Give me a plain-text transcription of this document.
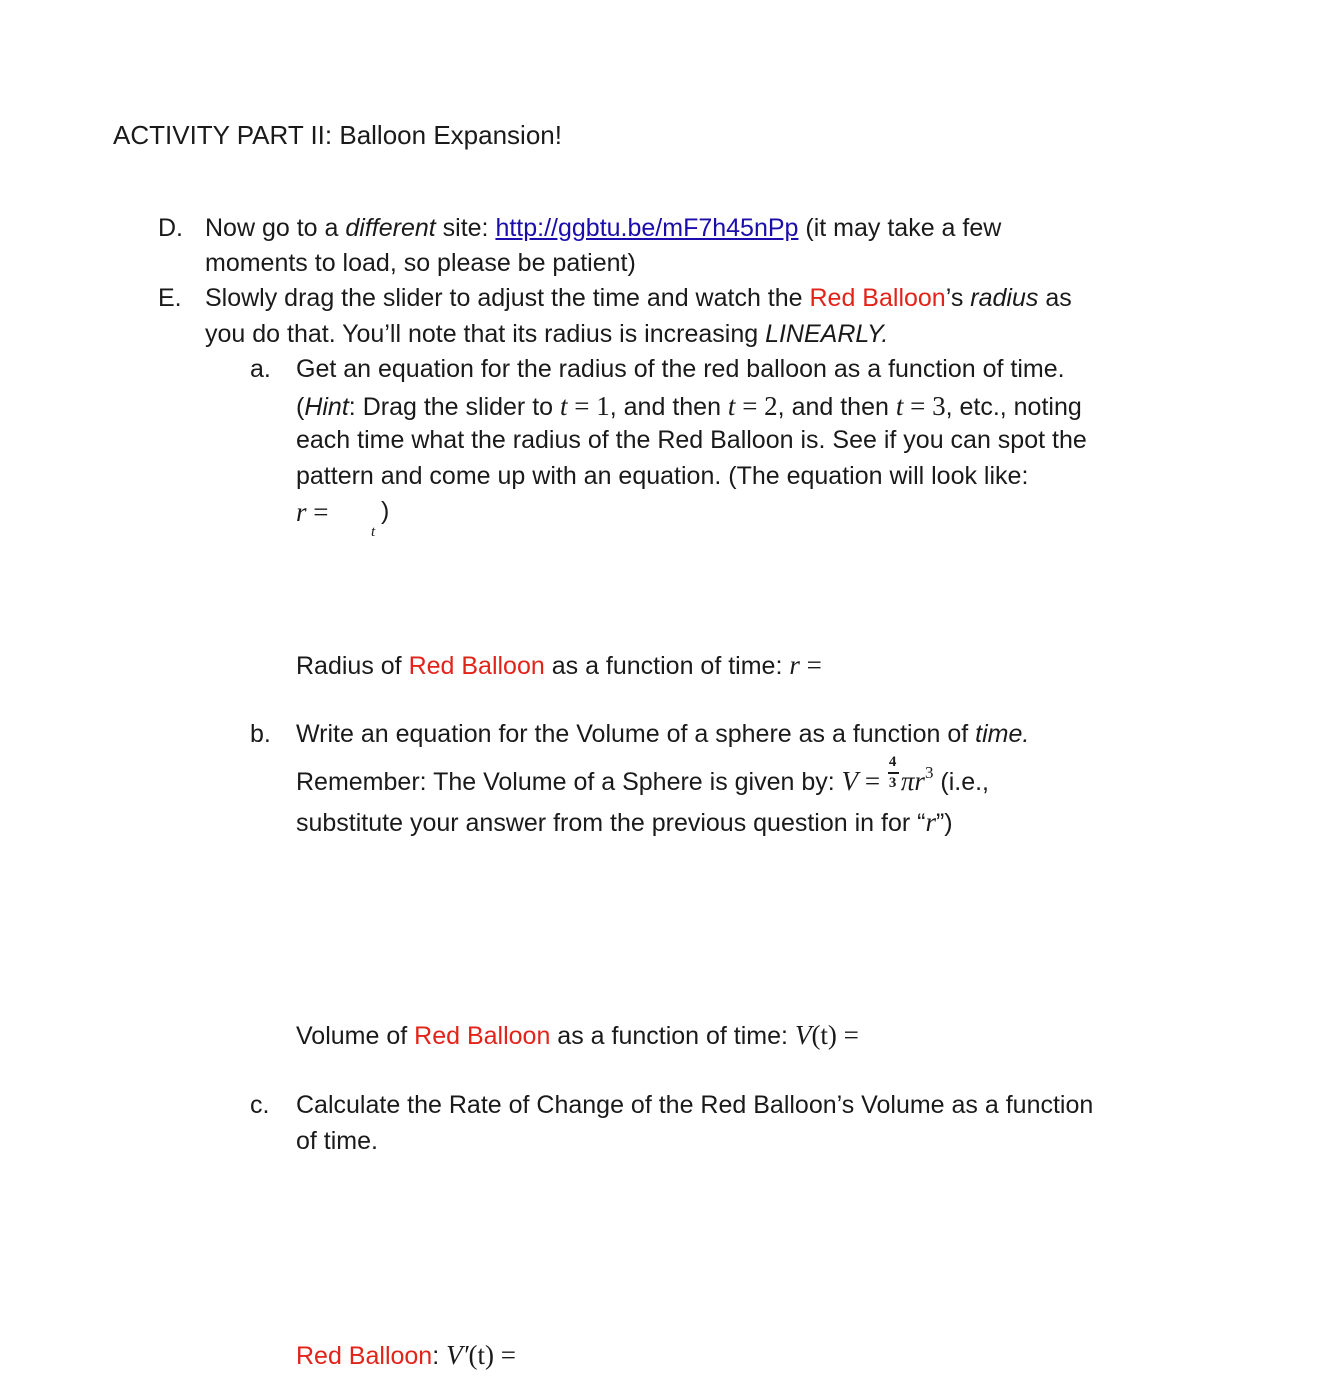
ACTIVITY PART II: Balloon Expansion!
D. Now go to a different site: http://ggbtu.be/mF7h45nPp (it may take a few
moments to load, so please be patient)
E. Slowly drag the slider to adjust the time and watch the Red Balloon’s radius as
you do that. You’ll note that its radius is increasing LINEARLY.
a. Get an equation for the radius of the red balloon as a function of time.
(Hint: Drag the slider to t = 1, and then t = 2, and then t = 3, etc., noting
each time what the radius of the Red Balloon is. See if you can spot the
pattern and come up with an equation. (The equation will look like:
r = )
t
Radius of Red Balloon as a function of time: r =
b. Write an equation for the Volume of a sphere as a function of time.
Remember: The Volume of a Sphere is given by: $V = \frac{4}{3} \pi r^3$ (i.e.,
substitute your answer from the previous question in for “r”)
Volume of Red Balloon as a function of time: V(t) =
c. Calculate the Rate of Change of the Red Balloon’s Volume as a function
of time.
Red Balloon: V′(t) =
